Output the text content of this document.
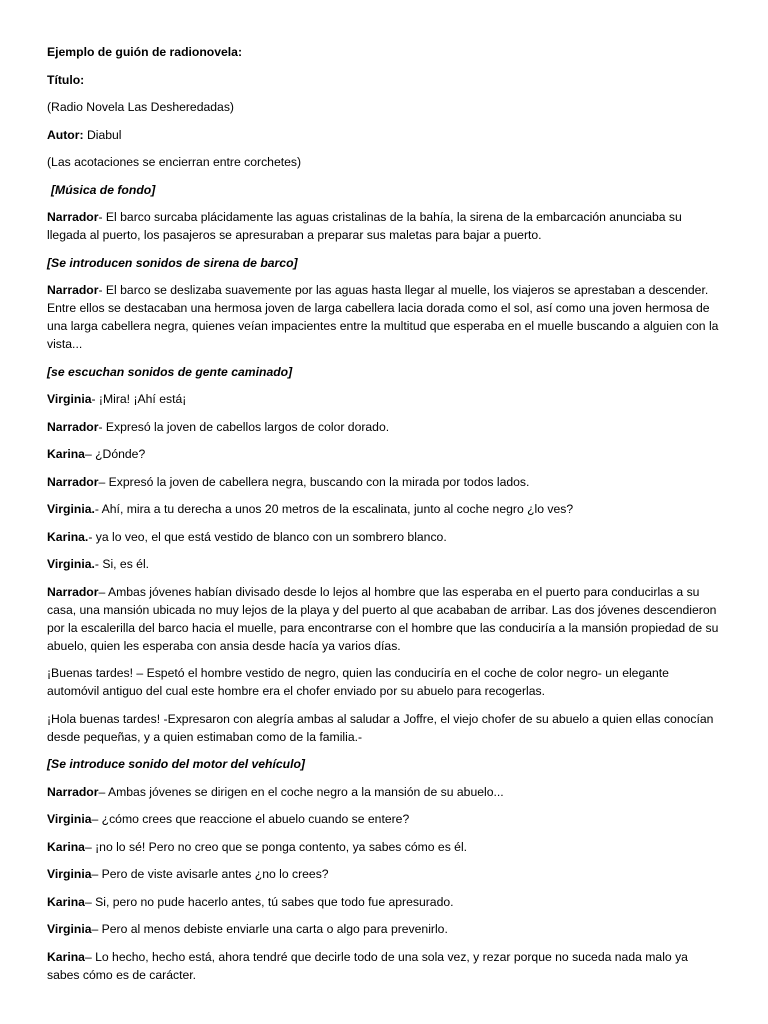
Ejemplo de guión de radionovela:

Título:

(Radio Novela Las Desheredadas)

Autor: Diabul

(Las acotaciones se encierran entre corchetes)

[Música de fondo]

Narrador- El barco surcaba plácidamente las aguas cristalinas de la bahía, la sirena de la embarcación anunciaba su llegada al puerto, los pasajeros se apresuraban a preparar sus maletas para bajar a puerto.

[Se introducen sonidos de sirena de barco]

Narrador- El barco se deslizaba suavemente por las aguas hasta llegar al muelle, los viajeros se aprestaban a descender. Entre ellos se destacaban una hermosa joven de larga cabellera lacia dorada como el sol, así como una joven hermosa de una larga cabellera negra, quienes veían impacientes entre la multitud que esperaba en el muelle buscando a alguien con la vista...

[se escuchan sonidos de gente caminado]

Virginia- ¡Mira! ¡Ahí está¡

Narrador- Expresó la joven de cabellos largos de color dorado.

Karina– ¿Dónde?

Narrador– Expresó la joven de cabellera negra, buscando con la mirada por todos lados.

Virginia.- Ahí, mira a tu derecha a unos 20 metros de la escalinata, junto al coche negro ¿lo ves?

Karina.- ya lo veo, el que está vestido de blanco con un sombrero blanco.

Virginia.- Si, es él.

Narrador– Ambas jóvenes habían divisado desde lo lejos al hombre que las esperaba en el puerto para conducirlas a su casa, una mansión ubicada no muy lejos de la playa y del puerto al que acababan de arribar. Las dos jóvenes descendieron por la escalerilla del barco hacia el muelle, para encontrarse con el hombre que las conduciría a la mansión propiedad de su abuelo, quien les esperaba con ansia desde hacía ya varios días.

¡Buenas tardes! – Espetó el hombre vestido de negro, quien las conduciría en el coche de color negro- un elegante automóvil antiguo del cual este hombre era el chofer enviado por su abuelo para recogerlas.

¡Hola buenas tardes! -Expresaron con alegría ambas al saludar a Joffre, el viejo chofer de su abuelo a quien ellas conocían desde pequeñas, y a quien estimaban como de la familia.-

[Se introduce sonido del motor del vehículo]

Narrador– Ambas jóvenes se dirigen en el coche negro a la mansión de su abuelo...

Virginia– ¿cómo crees que reaccione el abuelo cuando se entere?

Karina– ¡no lo sé! Pero no creo que se ponga contento, ya sabes cómo es él.

Virginia– Pero de viste avisarle antes ¿no lo crees?

Karina– Si, pero no pude hacerlo antes, tú sabes que todo fue apresurado.

Virginia– Pero al menos debiste enviarle una carta o algo para prevenirlo.

Karina– Lo hecho, hecho está, ahora tendré que decirle todo de una sola vez, y rezar porque no suceda nada malo ya sabes cómo es de carácter.
